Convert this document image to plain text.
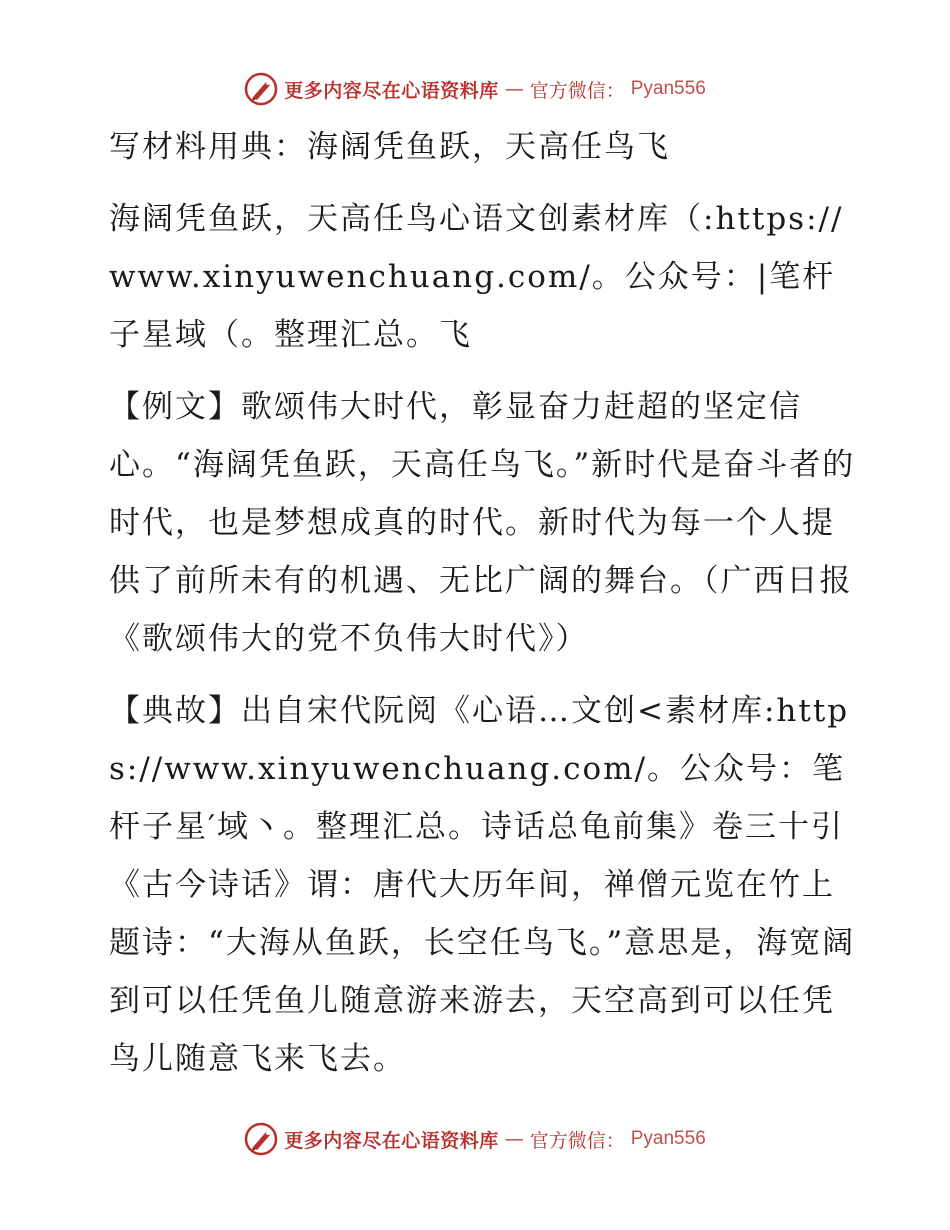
更多内容尽在心语资料库 — 官方微信： Pyan556

写材料用典：海阔凭鱼跃，天高任鸟飞

海阔凭鱼跃，天高任鸟心语文创素材库（:https://www.xinyuwenchuang.com/。公众号：|笔杆子星域（。整理汇总。飞

【例文】歌颂伟大时代，彰显奋力赶超的坚定信心。“海阔凭鱼跃，天高任鸟飞。”新时代是奋斗者的时代，也是梦想成真的时代。新时代为每一个人提供了前所未有的机遇、无比广阔的舞台。（广西日报《歌颂伟大的党不负伟大时代》）

【典故】出自宋代阮阅《心语…文创<素材库:https://www.xinyuwenchuang.com/。公众号：笔杆子星′域丶。整理汇总。诗话总龟前集》卷三十引《古今诗话》谓：唐代大历年间，禅僧元览在竹上题诗：“大海从鱼跃，长空任鸟飞。”意思是，海宽阔到可以任凭鱼儿随意游来游去，天空高到可以任凭鸟儿随意飞来飞去。

更多内容尽在心语资料库 — 官方微信： Pyan556
